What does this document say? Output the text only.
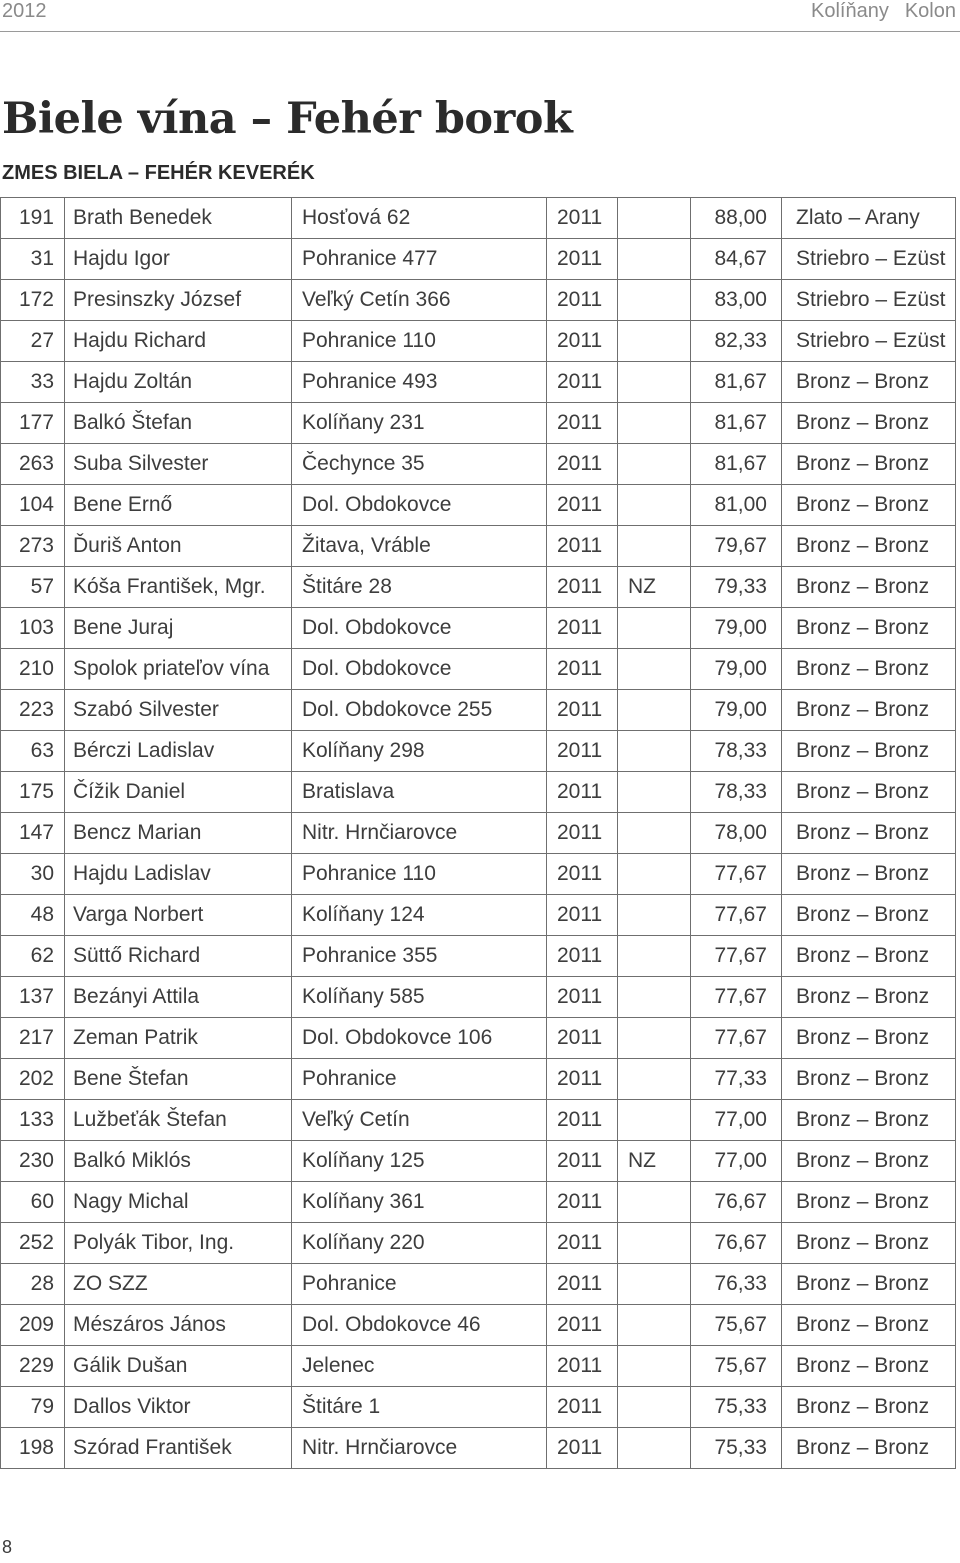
2012	Kolíňany Kolon
Biele vína – Fehér borok
ZMES BIELA – FEHÉR KEVERÉK
191	Brath Benedek	Hosťová 62	2011		88,00	Zlato – Arany
31	Hajdu Igor	Pohranice 477	2011		84,67	Striebro – Ezüst
172	Presinszky József	Veľký Cetín 366	2011		83,00	Striebro – Ezüst
27	Hajdu Richard	Pohranice 110	2011		82,33	Striebro – Ezüst
33	Hajdu Zoltán	Pohranice 493	2011		81,67	Bronz – Bronz
177	Balkó Štefan	Kolíňany 231	2011		81,67	Bronz – Bronz
263	Suba Silvester	Čechynce 35	2011		81,67	Bronz – Bronz
104	Bene Ernő	Dol. Obdokovce	2011		81,00	Bronz – Bronz
273	Ďuriš Anton	Žitava, Vráble	2011		79,67	Bronz – Bronz
57	Kóša František, Mgr.	Štitáre 28	2011	NZ	79,33	Bronz – Bronz
103	Bene Juraj	Dol. Obdokovce	2011		79,00	Bronz – Bronz
210	Spolok priateľov vína	Dol. Obdokovce	2011		79,00	Bronz – Bronz
223	Szabó Silvester	Dol. Obdokovce 255	2011		79,00	Bronz – Bronz
63	Bérczi Ladislav	Kolíňany 298	2011		78,33	Bronz – Bronz
175	Čížik Daniel	Bratislava	2011		78,33	Bronz – Bronz
147	Bencz Marian	Nitr. Hrnčiarovce	2011		78,00	Bronz – Bronz
30	Hajdu Ladislav	Pohranice 110	2011		77,67	Bronz – Bronz
48	Varga Norbert	Kolíňany 124	2011		77,67	Bronz – Bronz
62	Süttő Richard	Pohranice 355	2011		77,67	Bronz – Bronz
137	Bezányi Attila	Kolíňany 585	2011		77,67	Bronz – Bronz
217	Zeman Patrik	Dol. Obdokovce 106	2011		77,67	Bronz – Bronz
202	Bene Štefan	Pohranice	2011		77,33	Bronz – Bronz
133	Lužbeťák Štefan	Veľký Cetín	2011		77,00	Bronz – Bronz
230	Balkó Miklós	Kolíňany 125	2011	NZ	77,00	Bronz – Bronz
60	Nagy Michal	Kolíňany 361	2011		76,67	Bronz – Bronz
252	Polyák Tibor, Ing.	Kolíňany 220	2011		76,67	Bronz – Bronz
28	ZO SZZ	Pohranice	2011		76,33	Bronz – Bronz
209	Mészáros János	Dol. Obdokovce 46	2011		75,67	Bronz – Bronz
229	Gálik Dušan	Jelenec	2011		75,67	Bronz – Bronz
79	Dallos Viktor	Štitáre 1	2011		75,33	Bronz – Bronz
198	Szórad František	Nitr. Hrnčiarovce	2011		75,33	Bronz – Bronz
8
